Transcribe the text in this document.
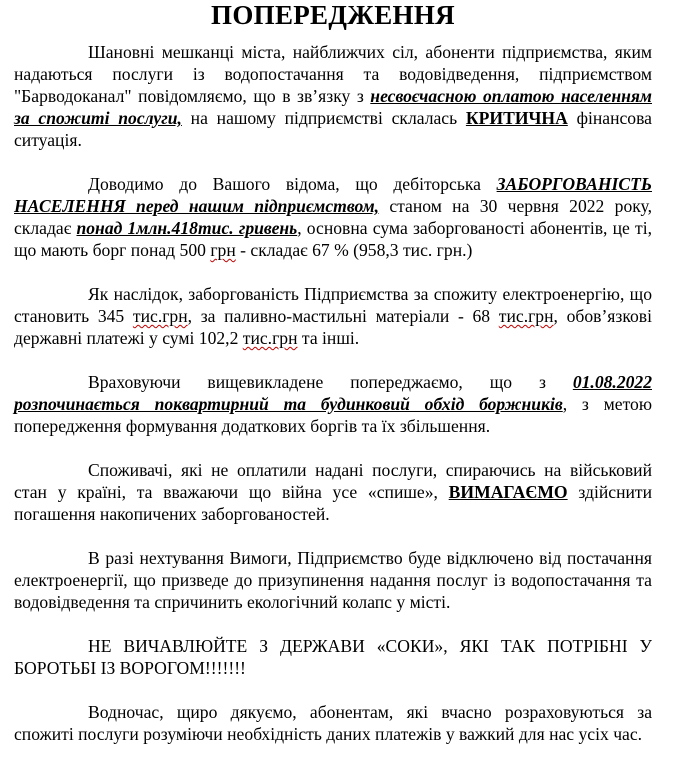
ПОПЕРЕДЖЕННЯ

Шановні мешканці міста, найближчих сіл, абоненти підприємства, яким надаються послуги із водопостачання та водовідведення, підприємством "Барводоканал" повідомляємо, що в зв’язку з несвоєчасною оплатою населенням за спожиті послуги, на нашому підприємстві склалась КРИТИЧНА фінансова ситуація.

Доводимо до Вашого відома, що дебіторська ЗАБОРГОВАНІСТЬ НАСЕЛЕННЯ перед нашим підприємством, станом на 30 червня 2022 року, складає понад 1млн.418тис. гривень, основна сума заборгованості абонентів, це ті, що мають борг понад 500 грн - складає 67 % (958,3 тис. грн.)

Як наслідок, заборгованість Підприємства за спожиту електроенергію, що становить 345 тис.грн, за паливно-мастильні матеріали - 68 тис.грн, обов’язкові державні платежі у сумі 102,2 тис.грн та інші.

Враховуючи вищевикладене попереджаємо, що з 01.08.2022 розпочинається поквартирний та будинковий обхід боржників, з метою попередження формування додаткових боргів та їх збільшення.

Споживачі, які не оплатили надані послуги, спираючись на військовий стан у країні, та вважаючи що війна усе «спише», ВИМАГАЄМО здійснити погашення накопичених заборгованостей.

В разі нехтування Вимоги, Підприємство буде відключено від постачання електроенергії, що призведе до призупинення надання послуг із водопостачання та водовідведення та спричинить екологічний колапс у місті.

НЕ ВИЧАВЛЮЙТЕ З ДЕРЖАВИ «СОКИ», ЯКІ ТАК ПОТРІБНІ У БОРОТЬБІ ІЗ ВОРОГОМ!!!!!!!

Водночас, щиро дякуємо, абонентам, які вчасно розраховуються за спожиті послуги розуміючи необхідність даних платежів у важкий для нас усіх час.
